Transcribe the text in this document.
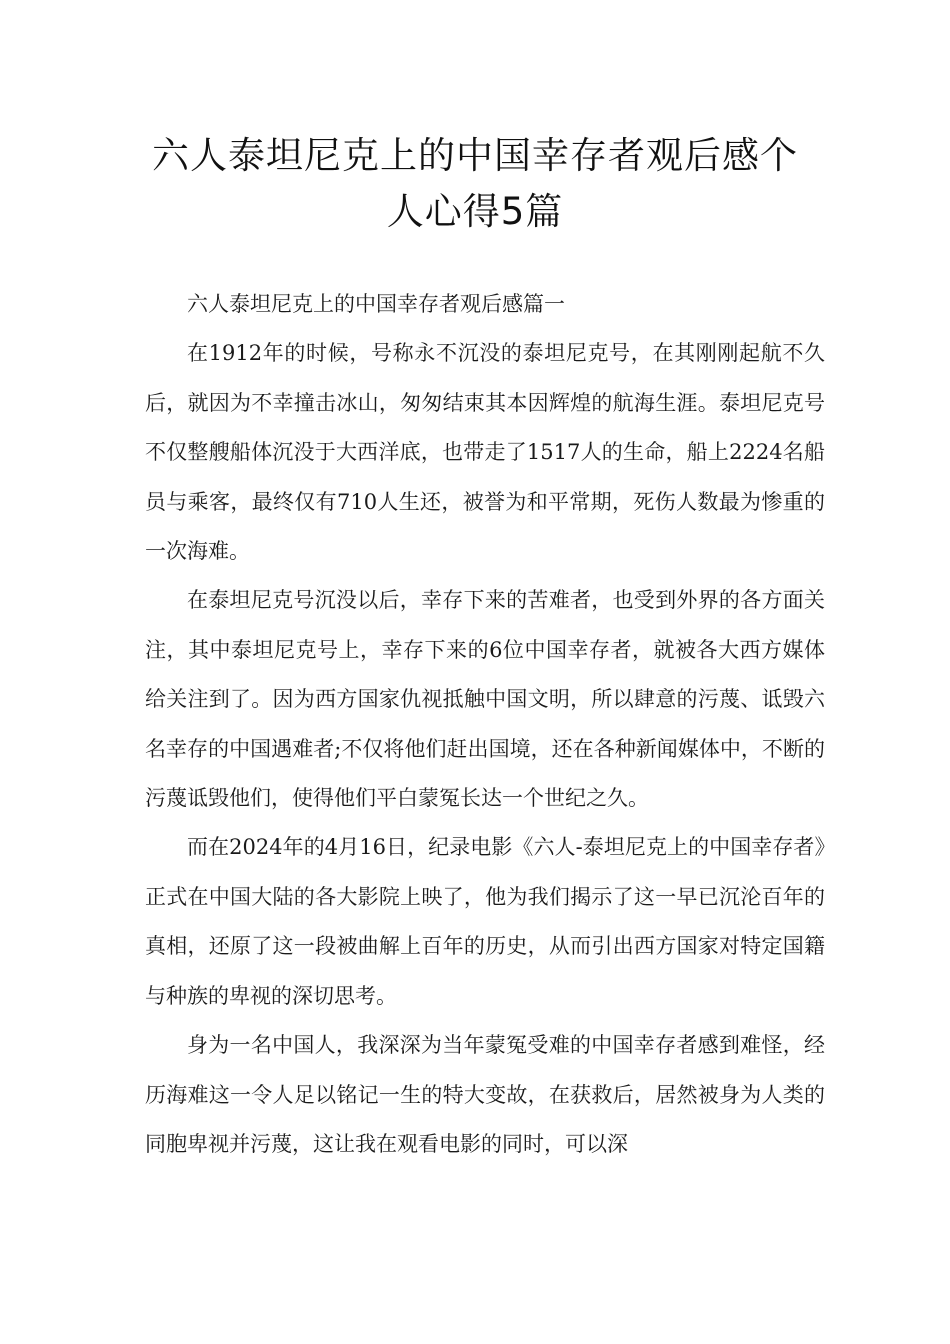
六人泰坦尼克上的中国幸存者观后感个
人心得5篇

六人泰坦尼克上的中国幸存者观后感篇一

在1912年的时候，号称永不沉没的泰坦尼克号，在其刚刚起航不久后，就因为不幸撞击冰山，匆匆结束其本因辉煌的航海生涯。泰坦尼克号不仅整艘船体沉没于大西洋底，也带走了1517人的生命，船上2224名船员与乘客，最终仅有710人生还，被誉为和平常期，死伤人数最为惨重的一次海难。

在泰坦尼克号沉没以后，幸存下来的苦难者，也受到外界的各方面关注，其中泰坦尼克号上，幸存下来的6位中国幸存者，就被各大西方媒体给关注到了。因为西方国家仇视抵触中国文明，所以肆意的污蔑、诋毁六名幸存的中国遇难者;不仅将他们赶出国境，还在各种新闻媒体中，不断的污蔑诋毁他们，使得他们平白蒙冤长达一个世纪之久。

而在2024年的4月16日，纪录电影《六人-泰坦尼克上的中国幸存者》正式在中国大陆的各大影院上映了，他为我们揭示了这一早已沉沦百年的真相，还原了这一段被曲解上百年的历史，从而引出西方国家对特定国籍与种族的卑视的深切思考。

身为一名中国人，我深深为当年蒙冤受难的中国幸存者感到难怪，经历海难这一令人足以铭记一生的特大变故，在获救后，居然被身为人类的同胞卑视并污蔑，这让我在观看电影的同时，可以深
